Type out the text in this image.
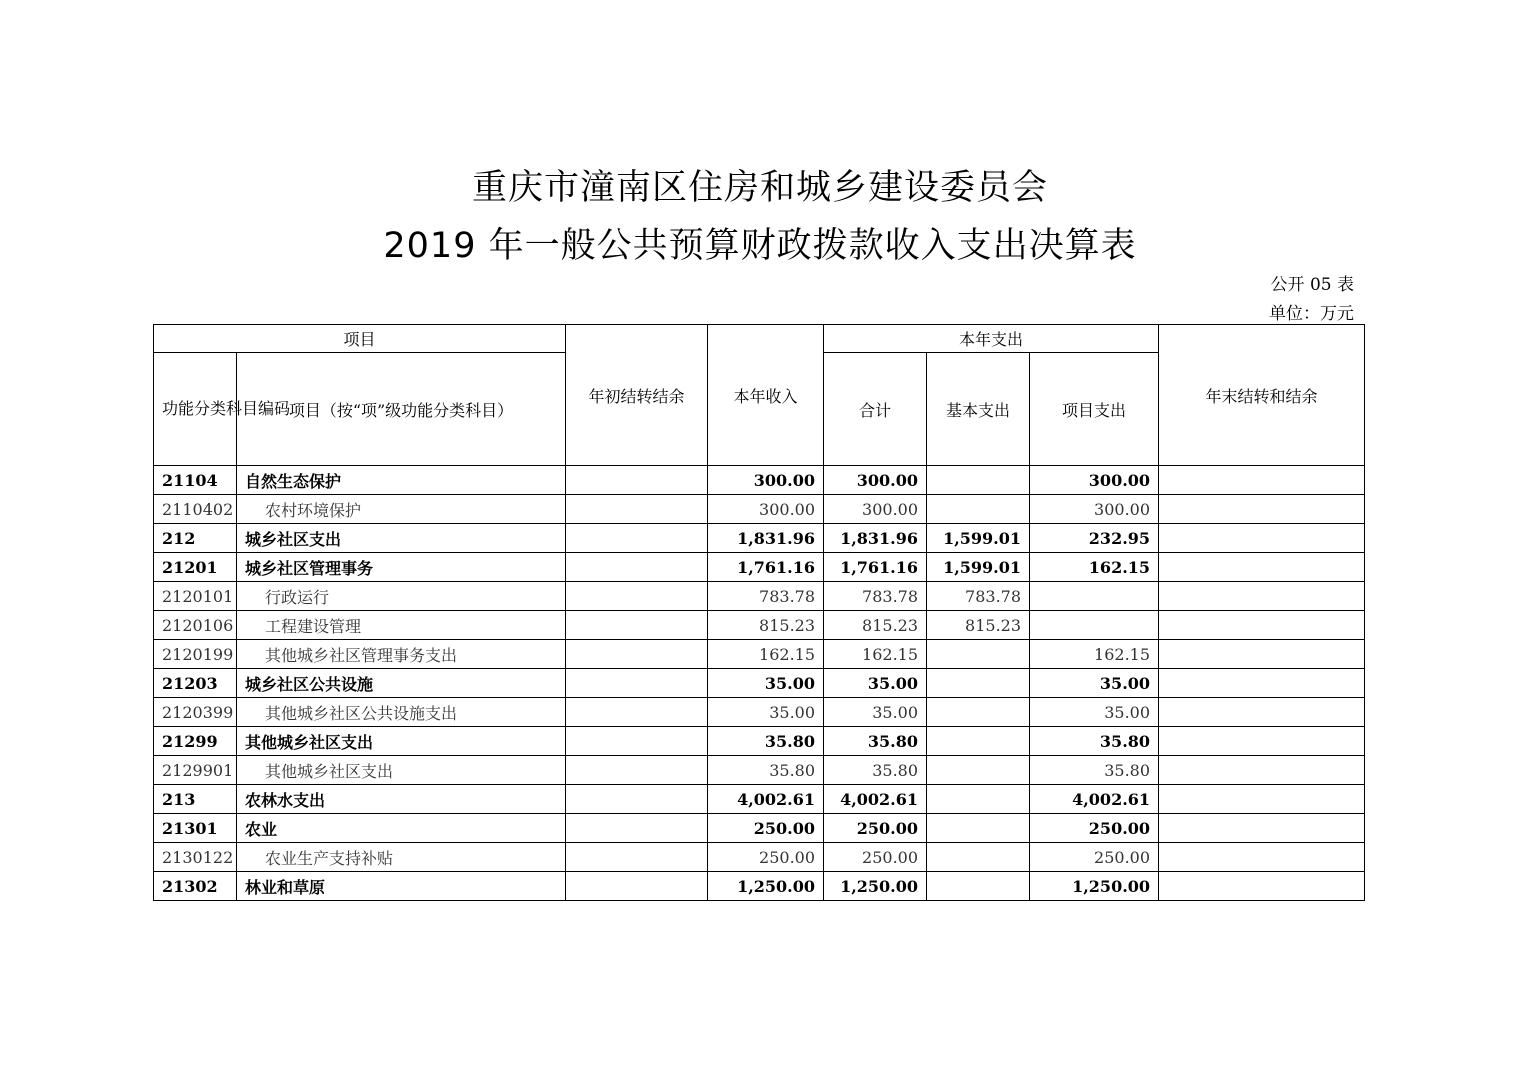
重庆市潼南区住房和城乡建设委员会
2019 年一般公共预算财政拨款收入支出决算表
公开 05 表
单位：万元
项目		年初结转结余	本年收入	本年支出			年末结转和结余
功能分类科目编码	项目（按“项”级功能分类科目）			合计	基本支出	项目支出	
21104	自然生态保护		300.00	300.00		300.00	
2110402	农村环境保护		300.00	300.00		300.00	
212	城乡社区支出		1,831.96	1,831.96	1,599.01	232.95	
21201	城乡社区管理事务		1,761.16	1,761.16	1,599.01	162.15	
2120101	行政运行		783.78	783.78	783.78		
2120106	工程建设管理		815.23	815.23	815.23		
2120199	其他城乡社区管理事务支出		162.15	162.15		162.15	
21203	城乡社区公共设施		35.00	35.00		35.00	
2120399	其他城乡社区公共设施支出		35.00	35.00		35.00	
21299	其他城乡社区支出		35.80	35.80		35.80	
2129901	其他城乡社区支出		35.80	35.80		35.80	
213	农林水支出		4,002.61	4,002.61		4,002.61	
21301	农业		250.00	250.00		250.00	
2130122	农业生产支持补贴		250.00	250.00		250.00	
21302	林业和草原		1,250.00	1,250.00		1,250.00	
